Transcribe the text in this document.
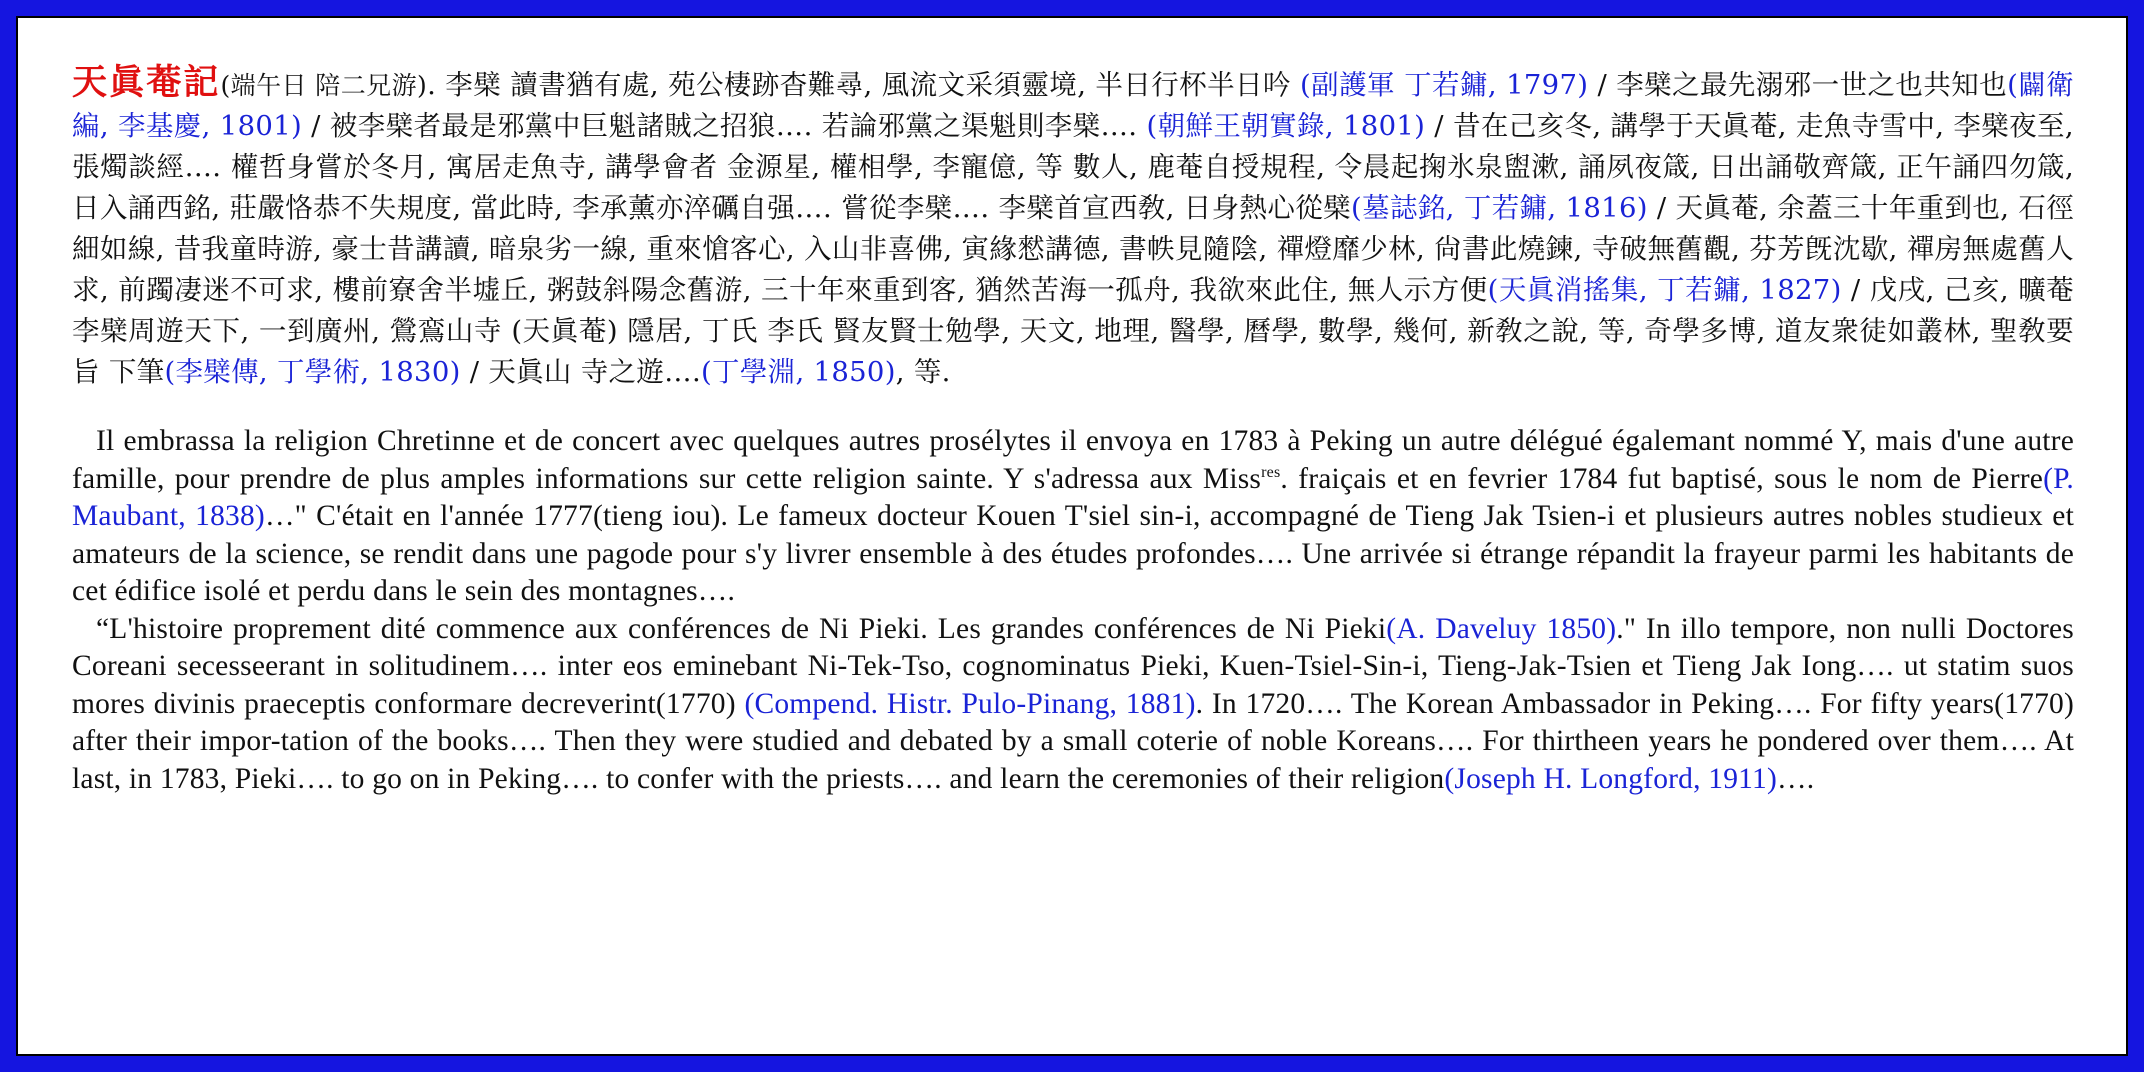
天眞菴記(端午日 陪二兄游). 李檗 讀書猶有處, 苑公棲跡杳難尋, 風流文采須靈境, 半日行杯半日吟 (副護軍 丁若鏞, 1797) / 李檗之最先溺邪一世之也共知也(闢衛編, 李基慶, 1801) / 被李檗者最是邪黨中巨魁諸賊之招狼…. 若論邪黨之渠魁則李檗…. (朝鮮王朝實錄, 1801) / 昔在己亥冬, 講學于天眞菴, 走魚寺雪中, 李檗夜至, 張燭談經…. 權哲身嘗於冬月, 寓居走魚寺, 講學會者 金源星, 權相學, 李寵億, 等 數人, 鹿菴自授規程, 令晨起掬氷泉盥漱, 誦夙夜箴, 日出誦敬齊箴, 正午誦四勿箴, 日入誦西銘, 莊嚴恪恭不失規度, 當此時, 李承薰亦淬礪自强…. 嘗從李檗…. 李檗首宣西敎, 日身熱心從檗(墓誌銘, 丁若鏞, 1816) / 天眞菴, 余蓋三十年重到也, 石徑細如線, 昔我童時游, 豪士昔講讀, 暗泉劣一線, 重來愴客心, 入山非喜佛, 寅緣憖講德, 書帙見隨陰, 禪燈靡少林, 尙書此燒鍊, 寺破無舊觀, 芬芳旣沈歇, 禪房無處舊人求, 前躅凄迷不可求, 樓前寮舍半墟丘, 粥鼓斜陽念舊游, 三十年來重到客, 猶然苦海一孤舟, 我欲來此住, 無人示方便(天眞消搖集, 丁若鏞, 1827) / 戊戌, 己亥, 曠菴 李檗周遊天下, 一到廣州, 鶯鵉山寺 (天眞菴) 隱居, 丁氏 李氏 賢友賢士勉學, 天文, 地理, 醫學, 曆學, 數學, 幾何, 新敎之說, 等, 奇學多博, 道友衆徒如叢林, 聖敎要旨 下筆(李檗傳, 丁學術, 1830) / 天眞山 寺之遊….(丁學淵, 1850), 等.

Il embrassa la religion Chretinne et de concert avec quelques autres prosélytes il envoya en 1783 à Peking un autre délégué égalemant nommé Y, mais d'une autre famille, pour prendre de plus amples informations sur cette religion sainte. Y s'adressa aux Miss$^{res}$. fraiçais et en fevrier 1784 fut baptisé, sous le nom de Pierre(P. Maubant, 1838)…" C'était en l'année 1777(tieng iou). Le fameux docteur Kouen T'siel sin-i, accompagné de Tieng Jak Tsien-i et plusieurs autres nobles studieux et amateurs de la science, se rendit dans une pagode pour s'y livrer ensemble à des études profondes…. Une arrivée si étrange répandit la frayeur parmi les habitants de cet édifice isolé et perdu dans le sein des montagnes….

“L'histoire proprement dité commence aux conférences de Ni Pieki. Les grandes conférences de Ni Pieki(A. Daveluy 1850)." In illo tempore, non nulli Doctores Coreani secesseerant in solitudinem…. inter eos eminebant Ni-Tek-Tso, cognominatus Pieki, Kuen-Tsiel-Sin-i, Tieng-Jak-Tsien et Tieng Jak Iong…. ut statim suos mores divinis praeceptis conformare decreverint(1770) (Compend. Histr. Pulo-Pinang, 1881). In 1720…. The Korean Ambassador in Peking…. For fifty years(1770) after their impor-tation of the books…. Then they were studied and debated by a small coterie of noble Koreans…. For thirtheen years he pondered over them…. At last, in 1783, Pieki…. to go on in Peking…. to confer with the priests…. and learn the ceremonies of their religion(Joseph H. Longford, 1911)….
